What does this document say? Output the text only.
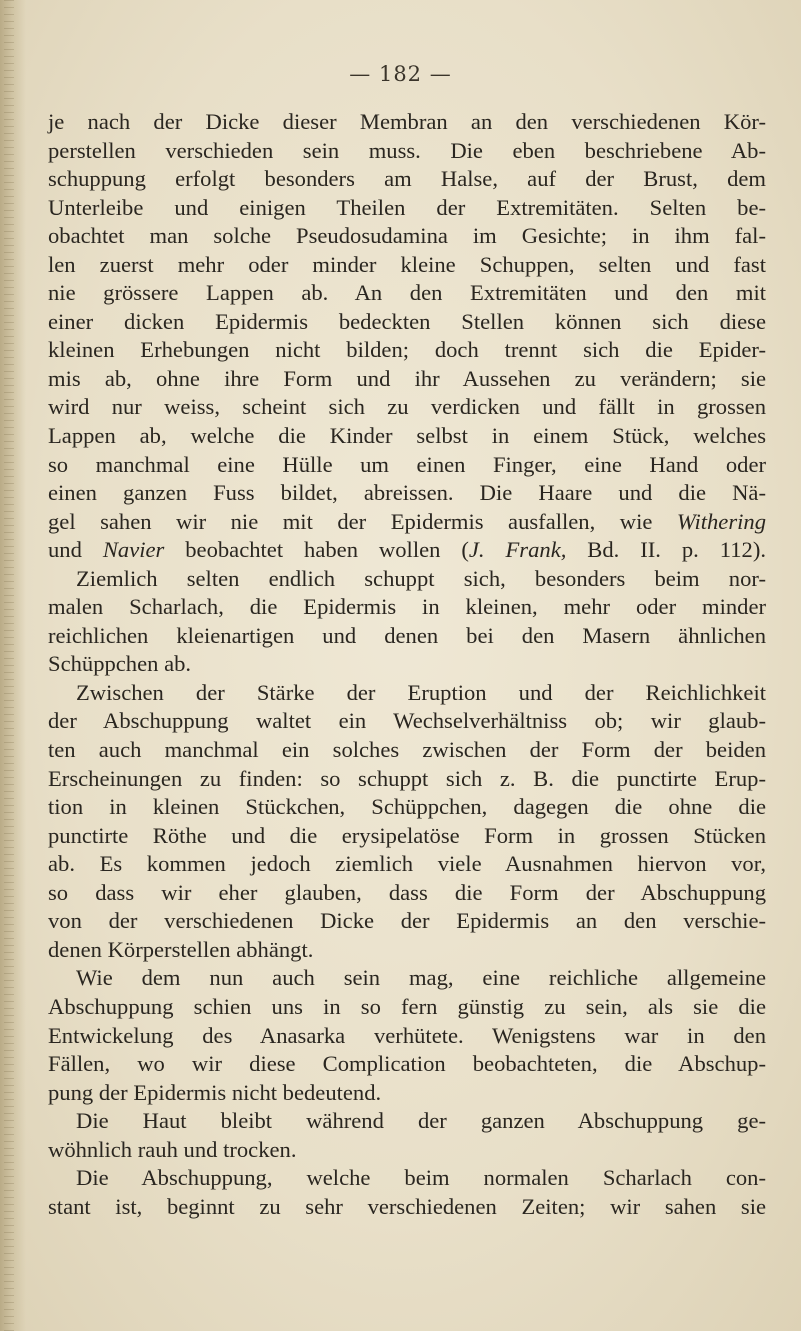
— 182 —
je nach der Dicke dieser Membran an den verschiedenen Kör-
perstellen verschieden sein muss. Die eben beschriebene Ab-
schuppung erfolgt besonders am Halse, auf der Brust, dem
Unterleibe und einigen Theilen der Extremitäten. Selten be-
obachtet man solche Pseudosudamina im Gesichte; in ihm fal-
len zuerst mehr oder minder kleine Schuppen, selten und fast
nie grössere Lappen ab. An den Extremitäten und den mit
einer dicken Epidermis bedeckten Stellen können sich diese
kleinen Erhebungen nicht bilden; doch trennt sich die Epider-
mis ab, ohne ihre Form und ihr Aussehen zu verändern; sie
wird nur weiss, scheint sich zu verdicken und fällt in grossen
Lappen ab, welche die Kinder selbst in einem Stück, welches
so manchmal eine Hülle um einen Finger, eine Hand oder
einen ganzen Fuss bildet, abreissen. Die Haare und die Nä-
gel sahen wir nie mit der Epidermis ausfallen, wie Withering
und Navier beobachtet haben wollen (J. Frank, Bd. II. p. 112).
Ziemlich selten endlich schuppt sich, besonders beim nor-
malen Scharlach, die Epidermis in kleinen, mehr oder minder
reichlichen kleienartigen und denen bei den Masern ähnlichen
Schüppchen ab.
Zwischen der Stärke der Eruption und der Reichlichkeit
der Abschuppung waltet ein Wechselverhältniss ob; wir glaub-
ten auch manchmal ein solches zwischen der Form der beiden
Erscheinungen zu finden: so schuppt sich z. B. die punctirte Erup-
tion in kleinen Stückchen, Schüppchen, dagegen die ohne die
punctirte Röthe und die erysipelatöse Form in grossen Stücken
ab. Es kommen jedoch ziemlich viele Ausnahmen hiervon vor,
so dass wir eher glauben, dass die Form der Abschuppung
von der verschiedenen Dicke der Epidermis an den verschie-
denen Körperstellen abhängt.
Wie dem nun auch sein mag, eine reichliche allgemeine
Abschuppung schien uns in so fern günstig zu sein, als sie die
Entwickelung des Anasarka verhütete. Wenigstens war in den
Fällen, wo wir diese Complication beobachteten, die Abschup-
pung der Epidermis nicht bedeutend.
Die Haut bleibt während der ganzen Abschuppung ge-
wöhnlich rauh und trocken.
Die Abschuppung, welche beim normalen Scharlach con-
stant ist, beginnt zu sehr verschiedenen Zeiten; wir sahen sie
